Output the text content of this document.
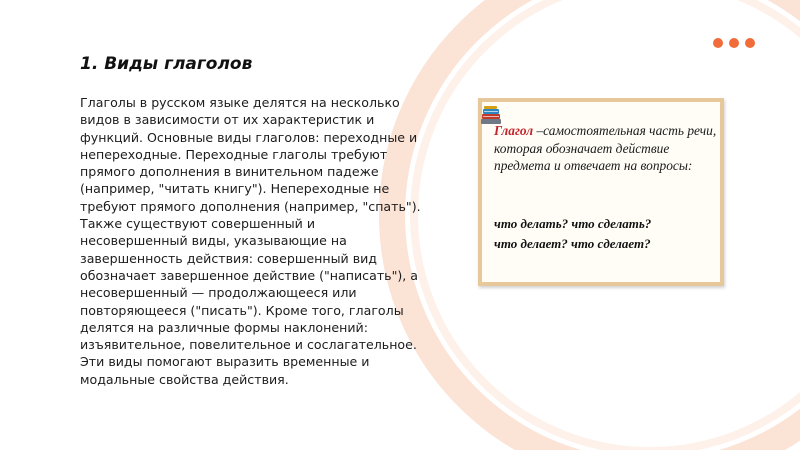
1. Виды глаголов

Глаголы в русском языке делятся на несколько видов в зависимости от их характеристик и функций. Основные виды глаголов: переходные и непереходные. Переходные глаголы требуют прямого дополнения в винительном падеже (например, "читать книгу"). Непереходные не требуют прямого дополнения (например, "спать"). Также существуют совершенный и несовершенный виды, указывающие на завершенность действия: совершенный вид обозначает завершенное действие ("написать"), а несовершенный — продолжающееся или повторяющееся ("писать"). Кроме того, глаголы делятся на различные формы наклонений: изъявительное, повелительное и сослагательное. Эти виды помогают выразить временные и модальные свойства действия.

Глагол –самостоятельная часть речи, которая обозначает действие предмета и отвечает на вопросы:

что делать? что сделать?
что делает? что сделает?
